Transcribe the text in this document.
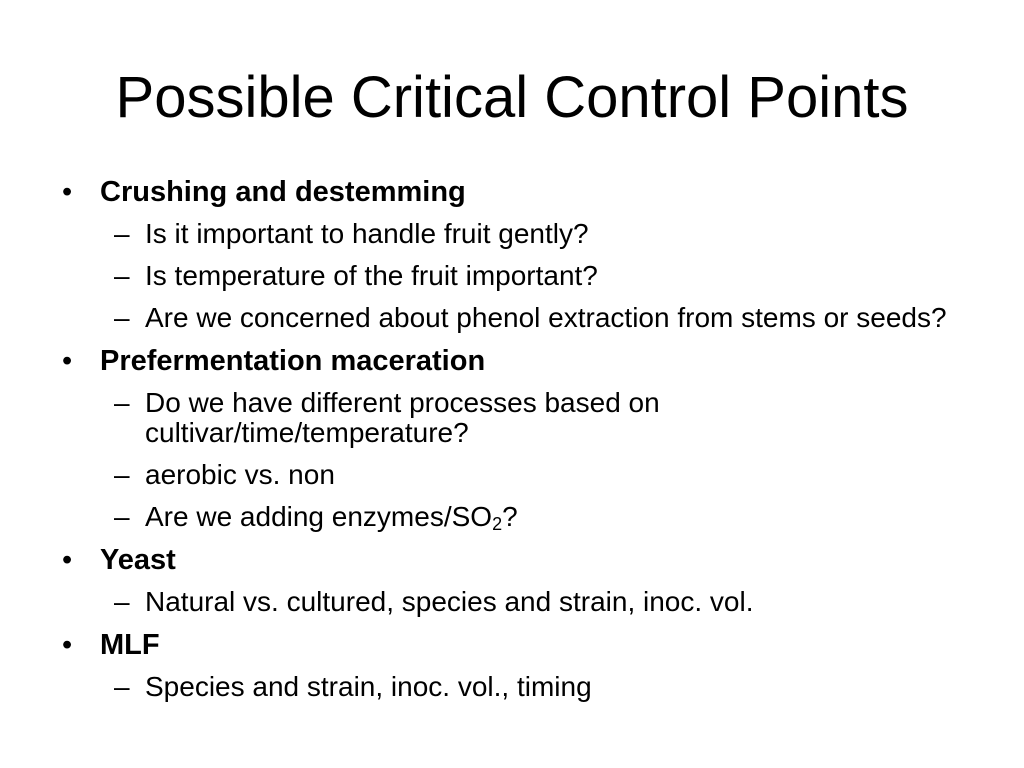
Possible Critical Control Points
• Crushing and destemming
– Is it important to handle fruit gently?
– Is temperature of the fruit important?
– Are we concerned about phenol extraction from stems or seeds?
• Prefermentation maceration
– Do we have different processes based on cultivar/time/temperature?
– aerobic vs. non
– Are we adding enzymes/$SO_2$?
• Yeast
– Natural vs. cultured, species and strain, inoc. vol.
• MLF
– Species and strain, inoc. vol., timing
